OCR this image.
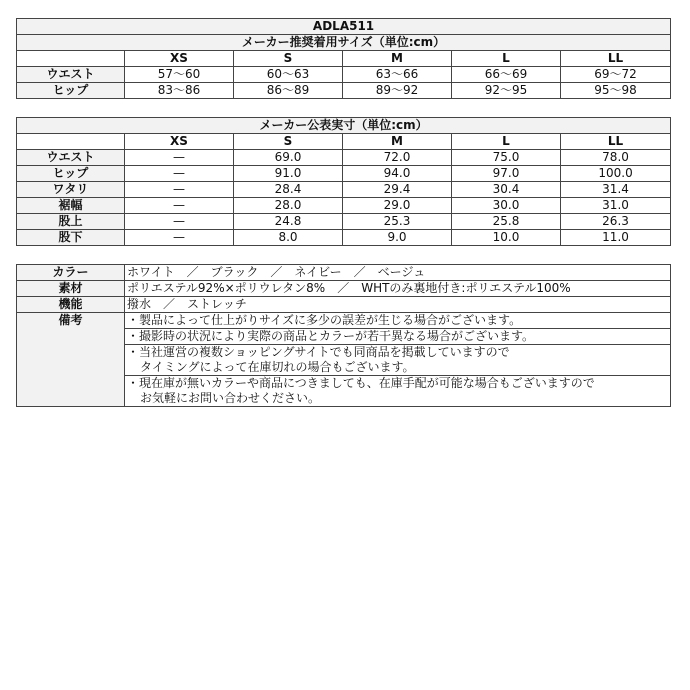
ADLA511					
メーカー推奨着用サイズ（単位:cm）					
	XS	S	M	L	LL
ウエスト	57〜60	60〜63	63〜66	66〜69	69〜72
ヒップ	83〜86	86〜89	89〜92	92〜95	95〜98
メーカー公表実寸（単位:cm）					
	XS	S	M	L	LL
ウエスト	—	69.0	72.0	75.0	78.0
ヒップ	—	91.0	94.0	97.0	100.0
ワタリ	—	28.4	29.4	30.4	31.4
裾幅	—	28.0	29.0	30.0	31.0
股上	—	24.8	25.3	25.8	26.3
股下	—	8.0	9.0	10.0	11.0
カラー	ホワイト　／　ブラック　／　ネイビー　／　ベージュ
素材	ポリエステル92%×ポリウレタン8%　／　WHTのみ裏地付き:ポリエステル100%
機能	撥水　／　ストレッチ
備考	・製品によって仕上がりサイズに多少の誤差が生じる場合がございます。

	・撮影時の状況により実際の商品とカラーが若干異なる場合がございます。

	・当社運営の複数ショッピングサイトでも同商品を掲載していますので
タイミングによって在庫切れの場合もございます。

	・現在庫が無いカラーや商品につきましても、在庫手配が可能な場合もございますので
お気軽にお問い合わせください。
